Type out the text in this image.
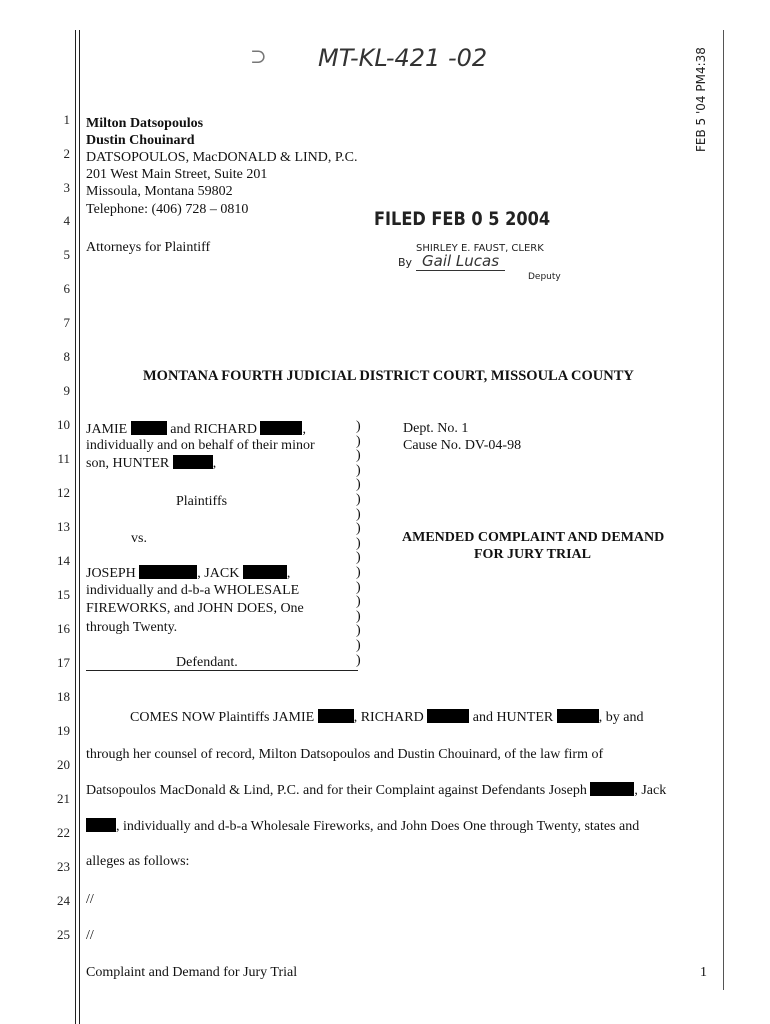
⊃ MT-KL-421 -02	FEB 5 '04 PM4:38
1
2
3
4
5
6
7
8
9
10
11
12
13
14
15
16
17
18
19
20
21
22
23
24
25
Milton Datsopoulos
Dustin Chouinard
DATSOPOULOS, MacDONALD & LIND, P.C.
201 West Main Street, Suite 201
Missoula, Montana 59802
Telephone: (406) 728 – 0810
Attorneys for Plaintiff
FILED FEB 0 5 2004
SHIRLEY E. FAUST, CLERK
By Gail Lucas
Deputy
MONTANA FOURTH JUDICIAL DISTRICT COURT, MISSOULA COUNTY
JAMIE	and RICHARD	,
individually and on behalf of their minor
son, HUNTER	,
Plaintiffs
vs.
JOSEPH	, JACK	,
individually and d-b-a WHOLESALE
FIREWORKS, and JOHN DOES, One
through Twenty.
Defendant.
)
)
)
)
)
)
)
)
)
)
)
)
)
)
)
)
)
Dept. No. 1
Cause No. DV-04-98
AMENDED COMPLAINT AND DEMAND
FOR JURY TRIAL
COMES NOW Plaintiffs JAMIE	, RICHARD	and HUNTER	, by and
through her counsel of record, Milton Datsopoulos and Dustin Chouinard, of the law firm of
Datsopoulos MacDonald & Lind, P.C. and for their Complaint against Defendants Joseph	, Jack
, individually and d-b-a Wholesale Fireworks, and John Does One through Twenty, states and
alleges as follows:
//
//
Complaint and Demand for Jury Trial	1
